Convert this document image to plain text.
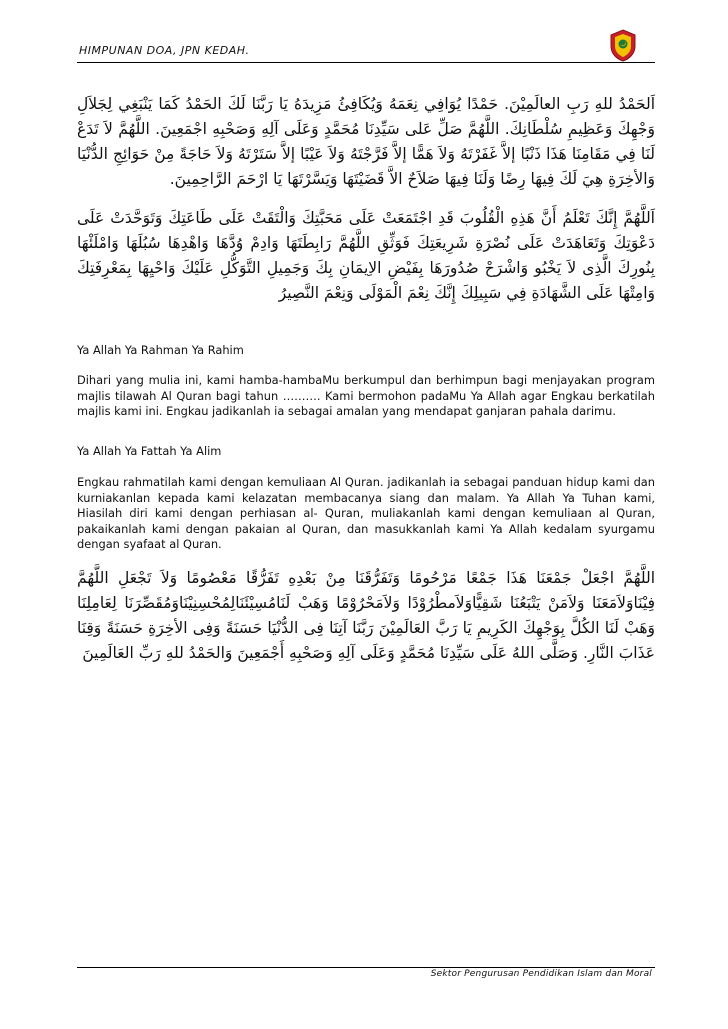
HIMPUNAN DOA, JPN KEDAH.

اَلحَمْدُ للهِ رَبِ العالَمِيْنَ. حَمْدًا يُوَافِي نِعَمَهُ وَيُكَافِئُ مَزِيدَهُ يَا رَبَّنَا لَكَ الحَمْدُ كَمَا يَنْبَغِي لِجَلاَلِ وَجْهِكَ وَعَظِيمِ سُلْطَانِكَ. اللَّهُمَّ صَلِّ عَلى سَيِّدِنَا مُحَمَّدٍ وَعَلَى آلِهِ وَصَحْبِهِ اجْمَعِينَ. اللَّهُمَّ لاَ تَدَعْ لَنَا فِي مَقَامِنَا هَذَا ذَنْبًا إلاَّ غَفَرْتَهُ وَلاَ هَمًّا إلاَّ فَرَّجْتَهُ وَلاَ عَيْبًا إلاَّ سَتَرْتَهُ وَلاَ حَاجَةً مِنْ حَوَائِجِ الدُّنْيَا وَالأخِرَةِ هِيَ لَكَ فِيهَا رِضًا وَلَنَا فِيهَا صَلاَحٌ الاَّ قَضَيْتَهَا وَيَسَّرْتَهَا يَا ارْحَمَ الرَّاحِمِينَ.

اَللَّهُمَّ إِنَّكَ تَعْلَمُ أَنَّ هَذِهِ الْقُلُوبَ قَدِ اجْتَمَعَتْ عَلَى مَحَبَّتِكَ وَالْتَقَتْ عَلَى طَاعَتِكَ وَتَوَحَّدَتْ عَلَى دَعْوَتِكَ وَتَعَاهَدَتْ عَلَى نُصْرَةِ شَرِيعَتِكَ فَوَثِّقِ اللَّهُمَّ رَابِطَتَهَا وَادِمْ وُدَّهَا وَاهْدِهَا سُبُلَهَا وَامْلَئْهَا بِنُورِكَ الَّذِى لاَ يَخْبُو وَاشْرَحْ صُدُورَهَا بِفَيْضِ الاِيمَانِ بِكَ وَجَمِيلِ التَّوَكُّلِ عَلَيْكَ وَاحْيِهَا بِمَعْرِفَتِكَ وَامِتْهَا عَلَى الشَّهَادَةِ فِي سَبِيلِكَ إِنَّكَ نِعْمَ الْمَوْلَى وَنِعْمَ النَّصِيرُ

Ya Allah Ya Rahman Ya Rahim

Dihari yang mulia ini, kami hamba-hambaMu berkumpul dan berhimpun bagi menjayakan program majlis tilawah Al Quran bagi tahun ………. Kami bermohon padaMu Ya Allah agar Engkau berkatilah majlis kami ini. Engkau jadikanlah ia sebagai amalan yang mendapat ganjaran pahala darimu.

Ya Allah Ya Fattah Ya Alim

Engkau rahmatilah kami dengan kemuliaan Al Quran. jadikanlah ia sebagai panduan hidup kami dan kurniakanlan kepada kami kelazatan membacanya siang dan malam. Ya Allah Ya Tuhan kami, Hiasilah diri kami dengan perhiasan al- Quran, muliakanlah kami dengan kemuliaan al Quran, pakaikanlah kami dengan pakaian al Quran, dan masukkanlah kami Ya Allah kedalam syurgamu dengan syafaat al Quran.

اللَّهُمَّ اجْعَلْ جَمْعَنَا هَذَا جَمْعًا مَرْحُومًا وَتَفَرُّقَنَا مِنْ بَعْدِهِ تَفَرُّقًا مَعْصُومًا وَلاَ تَجْعَلِ اللَّهُمَّ فِيْنَاوَلاَمَعَنَا وَلاَمَنْ يَتْبَعُنَا شَقِيًّاوَلاَمطْرُوْدًا وَلاَمَحْرُوْمًا وَهَبْ لَنَامُسِيْئَنَالِمُحْسِنِيْنَاوَمُقَصِّرَنَا لِعَامِلِنَا وَهَبْ لَنَا الكُلَّ بِوَجْهِكَ الكَرِيمِ يَا رَبَّ العَالَمِيْنَ رَبَّنَا آتِنَا فِى الدُّنْيَا حَسَنَةً وَفِى الأخِرَةِ حَسَنَةً وَقِنَا عَذَابَ النَّارِ. وَصَلَّى اللهُ عَلَى سَيِّدِنَا مُحَمَّدٍ وَعَلَى آلِهِ وَصَحْبِهِ أَجْمَعِينَ وَالحَمْدُ للهِ رَبِّ العَالَمِينَ

Sektor Pengurusan Pendidikan Islam dan Moral
